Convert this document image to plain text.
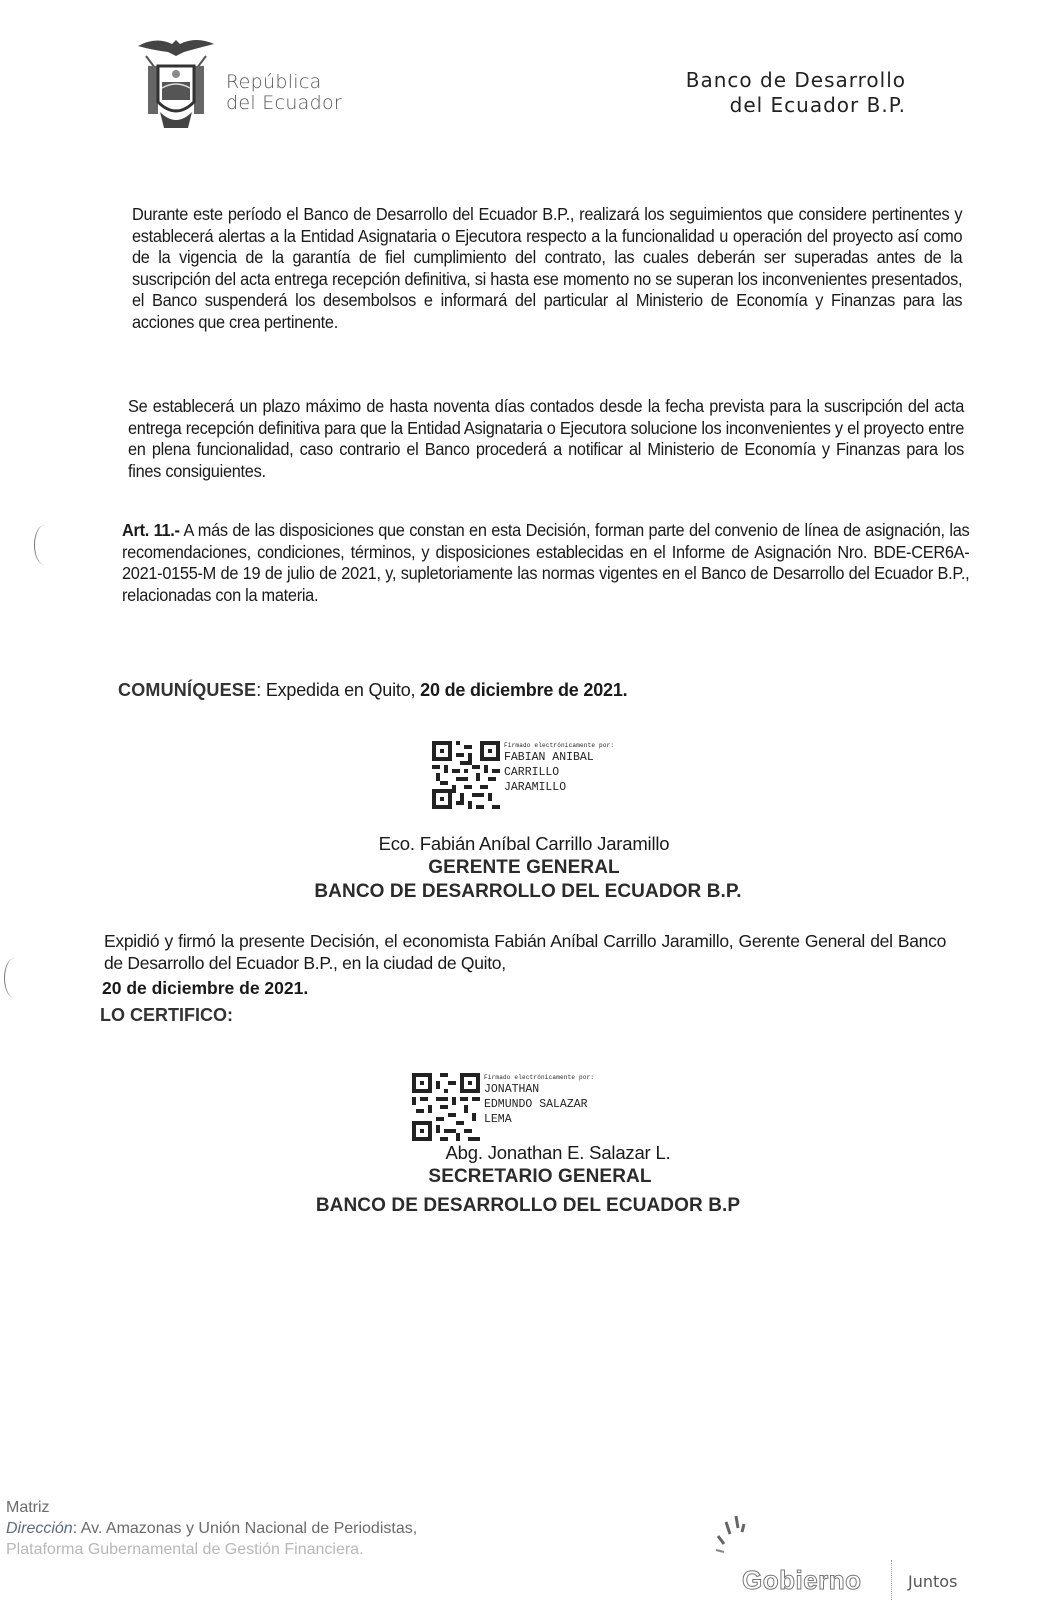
República
del Ecuador
Banco de Desarrollo
del Ecuador B.P.
Durante este período el Banco de Desarrollo del Ecuador B.P., realizará los seguimientos que considere pertinentes y establecerá alertas a la Entidad Asignataria o Ejecutora respecto a la funcionalidad u operación del proyecto así como de la vigencia de la garantía de fiel cumplimiento del contrato, las cuales deberán ser superadas antes de la suscripción del acta entrega recepción definitiva, si hasta ese momento no se superan los inconvenientes presentados, el Banco suspenderá los desembolsos e informará del particular al Ministerio de Economía y Finanzas para las acciones que crea pertinente.
Se establecerá un plazo máximo de hasta noventa días contados desde la fecha prevista para la suscripción del acta entrega recepción definitiva para que la Entidad Asignataria o Ejecutora solucione los inconvenientes y el proyecto entre en plena funcionalidad, caso contrario el Banco procederá a notificar al Ministerio de Economía y Finanzas para los fines consiguientes.
Art. 11.- A más de las disposiciones que constan en esta Decisión, forman parte del convenio de línea de asignación, las recomendaciones, condiciones, términos, y disposiciones establecidas en el Informe de Asignación Nro. BDE-CER6A-2021-0155-M de 19 de julio de 2021, y, supletoriamente las normas vigentes en el Banco de Desarrollo del Ecuador B.P., relacionadas con la materia.
COMUNÍQUESE: Expedida en Quito, 20 de diciembre de 2021.
Firmado electrónicamente por:
FABIAN ANIBAL
CARRILLO
JARAMILLO
Eco. Fabián Aníbal Carrillo Jaramillo
GERENTE GENERAL
BANCO DE DESARROLLO DEL ECUADOR B.P.
Expidió y firmó la presente Decisión, el economista Fabián Aníbal Carrillo Jaramillo, Gerente General del Banco de Desarrollo del Ecuador B.P., en la ciudad de Quito,
20 de diciembre de 2021.
LO CERTIFICO:
Firmado electrónicamente por:
JONATHAN
EDMUNDO SALAZAR
LEMA
Abg. Jonathan E. Salazar L.
SECRETARIO GENERAL
BANCO DE DESARROLLO DEL ECUADOR B.P
Matriz
Dirección: Av. Amazonas y Unión Nacional de Periodistas,
Plataforma Gubernamental de Gestión Financiera.
Gobierno	Juntos
